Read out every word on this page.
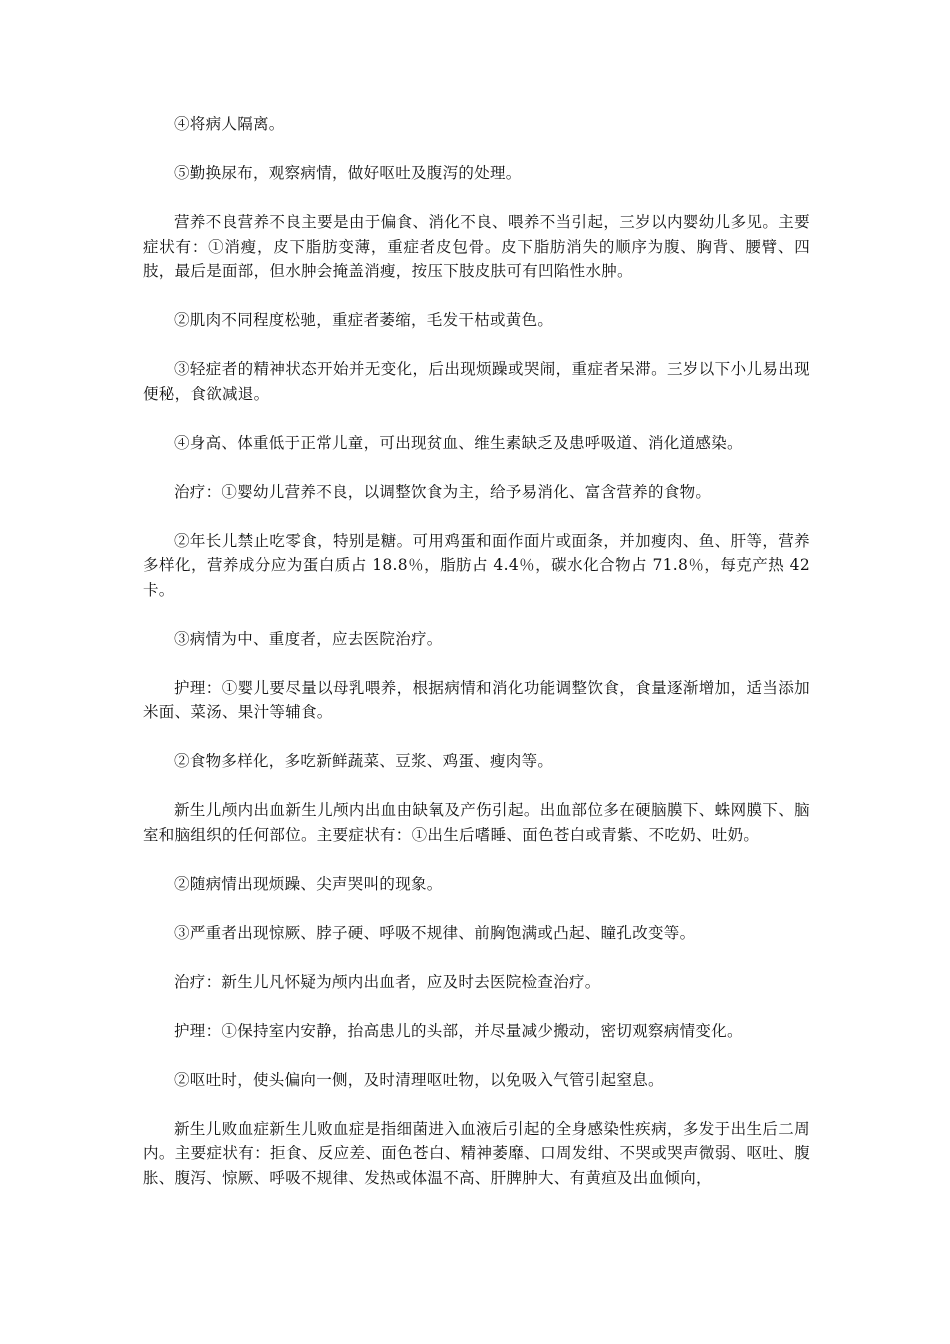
④将病人隔离。

⑤勤换尿布，观察病情，做好呕吐及腹泻的处理。

营养不良营养不良主要是由于偏食、消化不良、喂养不当引起，三岁以内婴幼儿多见。主要症状有：①消瘦，皮下脂肪变薄，重症者皮包骨。皮下脂肪消失的顺序为腹、胸背、腰臂、四肢，最后是面部，但水肿会掩盖消瘦，按压下肢皮肤可有凹陷性水肿。

②肌肉不同程度松驰，重症者萎缩，毛发干枯或黄色。

③轻症者的精神状态开始并无变化，后出现烦躁或哭闹，重症者呆滞。三岁以下小儿易出现便秘，食欲减退。

④身高、体重低于正常儿童，可出现贫血、维生素缺乏及患呼吸道、消化道感染。

治疗：①婴幼儿营养不良，以调整饮食为主，给予易消化、富含营养的食物。

②年长儿禁止吃零食，特别是糖。可用鸡蛋和面作面片或面条，并加瘦肉、鱼、肝等，营养多样化，营养成分应为蛋白质占 18.8％，脂肪占 4.4％，碳水化合物占 71.8％，每克产热 42 卡。

③病情为中、重度者，应去医院治疗。

护理：①婴儿要尽量以母乳喂养，根据病情和消化功能调整饮食，食量逐渐增加，适当添加米面、菜汤、果汁等辅食。

②食物多样化，多吃新鲜蔬菜、豆浆、鸡蛋、瘦肉等。

新生儿颅内出血新生儿颅内出血由缺氧及产伤引起。出血部位多在硬脑膜下、蛛网膜下、脑室和脑组织的任何部位。主要症状有：①出生后嗜睡、面色苍白或青紫、不吃奶、吐奶。

②随病情出现烦躁、尖声哭叫的现象。

③严重者出现惊厥、脖子硬、呼吸不规律、前胸饱满或凸起、瞳孔改变等。

治疗：新生儿凡怀疑为颅内出血者，应及时去医院检查治疗。

护理：①保持室内安静，抬高患儿的头部，并尽量减少搬动，密切观察病情变化。

②呕吐时，使头偏向一侧，及时清理呕吐物，以免吸入气管引起窒息。

新生儿败血症新生儿败血症是指细菌进入血液后引起的全身感染性疾病，多发于出生后二周内。主要症状有：拒食、反应差、面色苍白、精神萎靡、口周发绀、不哭或哭声微弱、呕吐、腹胀、腹泻、惊厥、呼吸不规律、发热或体温不高、肝脾肿大、有黄疸及出血倾向，
